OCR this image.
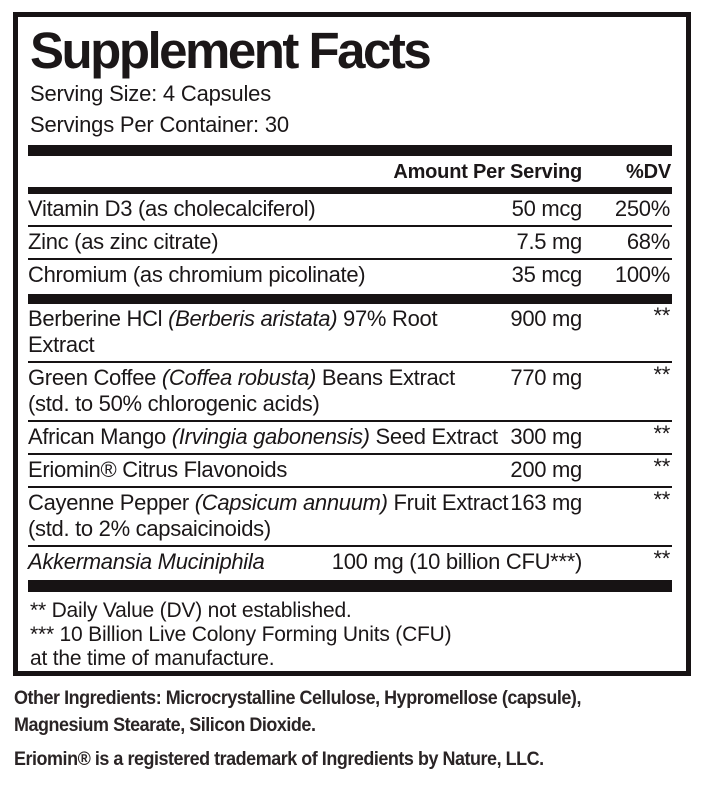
Supplement Facts
Serving Size: 4 Capsules
Servings Per Container: 30
Amount Per Serving %DV
Vitamin D3 (as cholecalciferol)	50 mcg 250%
Zinc (as zinc citrate)	7.5 mg 68%
Chromium (as chromium picolinate)	35 mcg 100%
Berberine HCl (Berberis aristata) 97% Root Extract
900 mg	**
Green Coffee (Coffea robusta) Beans Extract (std. to 50% chlorogenic acids)
770 mg	**
African Mango (Irvingia gabonensis) Seed Extract 300 mg	**
Eriomin® Citrus Flavonoids	200 mg	**
Cayenne Pepper (Capsicum annuum) Fruit Extract (std. to 2% capsaicinoids)
163 mg	**
Akkermansia Muciniphila	100 mg (10 billion CFU***)	**

** Daily Value (DV) not established.

*** 10 Billion Live Colony Forming Units (CFU)

at the time of manufacture.

Other Ingredients: Microcrystalline Cellulose, Hypromellose (capsule),
Magnesium Stearate, Silicon Dioxide.
Eriomin® is a registered trademark of Ingredients by Nature, LLC.
